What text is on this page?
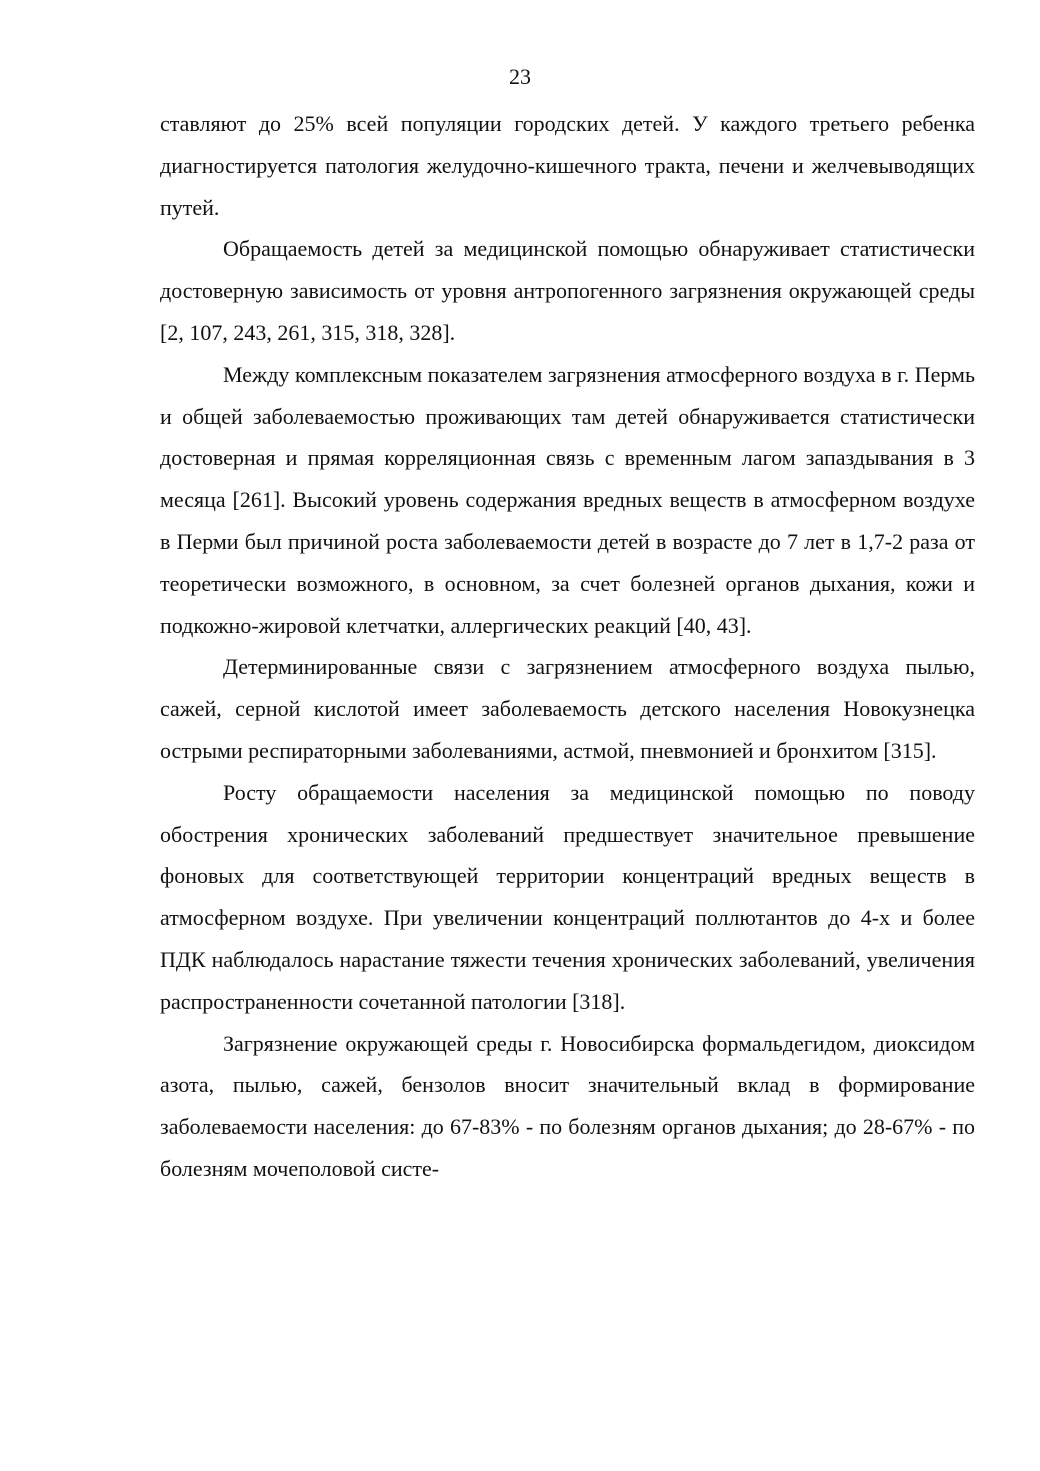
23

ставляют до 25% всей популяции городских детей. У каждого третьего ребенка диагностируется патология желудочно-кишечного тракта, печени и желчевыводящих путей.

Обращаемость детей за медицинской помощью обнаруживает статистически достоверную зависимость от уровня антропогенного загрязнения окружающей среды [2, 107, 243, 261, 315, 318, 328].

Между комплексным показателем загрязнения атмосферного воздуха в г. Пермь и общей заболеваемостью проживающих там детей обнаруживается статистически достоверная и прямая корреляционная связь с временным лагом запаздывания в 3 месяца [261]. Высокий уровень содержания вредных веществ в атмосферном воздухе в Перми был причиной роста заболеваемости детей в возрасте до 7 лет в 1,7-2 раза от теоретически возможного, в основном, за счет болезней органов дыхания, кожи и подкожно-жировой клетчатки, аллергических реакций [40, 43].

Детерминированные связи с загрязнением атмосферного воздуха пылью, сажей, серной кислотой имеет заболеваемость детского населения Новокузнецка острыми респираторными заболеваниями, астмой, пневмонией и бронхитом [315].

Росту обращаемости населения за медицинской помощью по поводу обострения хронических заболеваний предшествует значительное превышение фоновых для соответствующей территории концентраций вредных веществ в атмосферном воздухе. При увеличении концентраций поллютантов до 4-х и более ПДК наблюдалось нарастание тяжести течения хронических заболеваний, увеличения распространенности сочетанной патологии [318].

Загрязнение окружающей среды г. Новосибирска формальдегидом, диоксидом азота, пылью, сажей, бензолов вносит значительный вклад в формирование заболеваемости населения: до 67-83% - по болезням органов дыхания; до 28-67% - по болезням мочеполовой систе-
